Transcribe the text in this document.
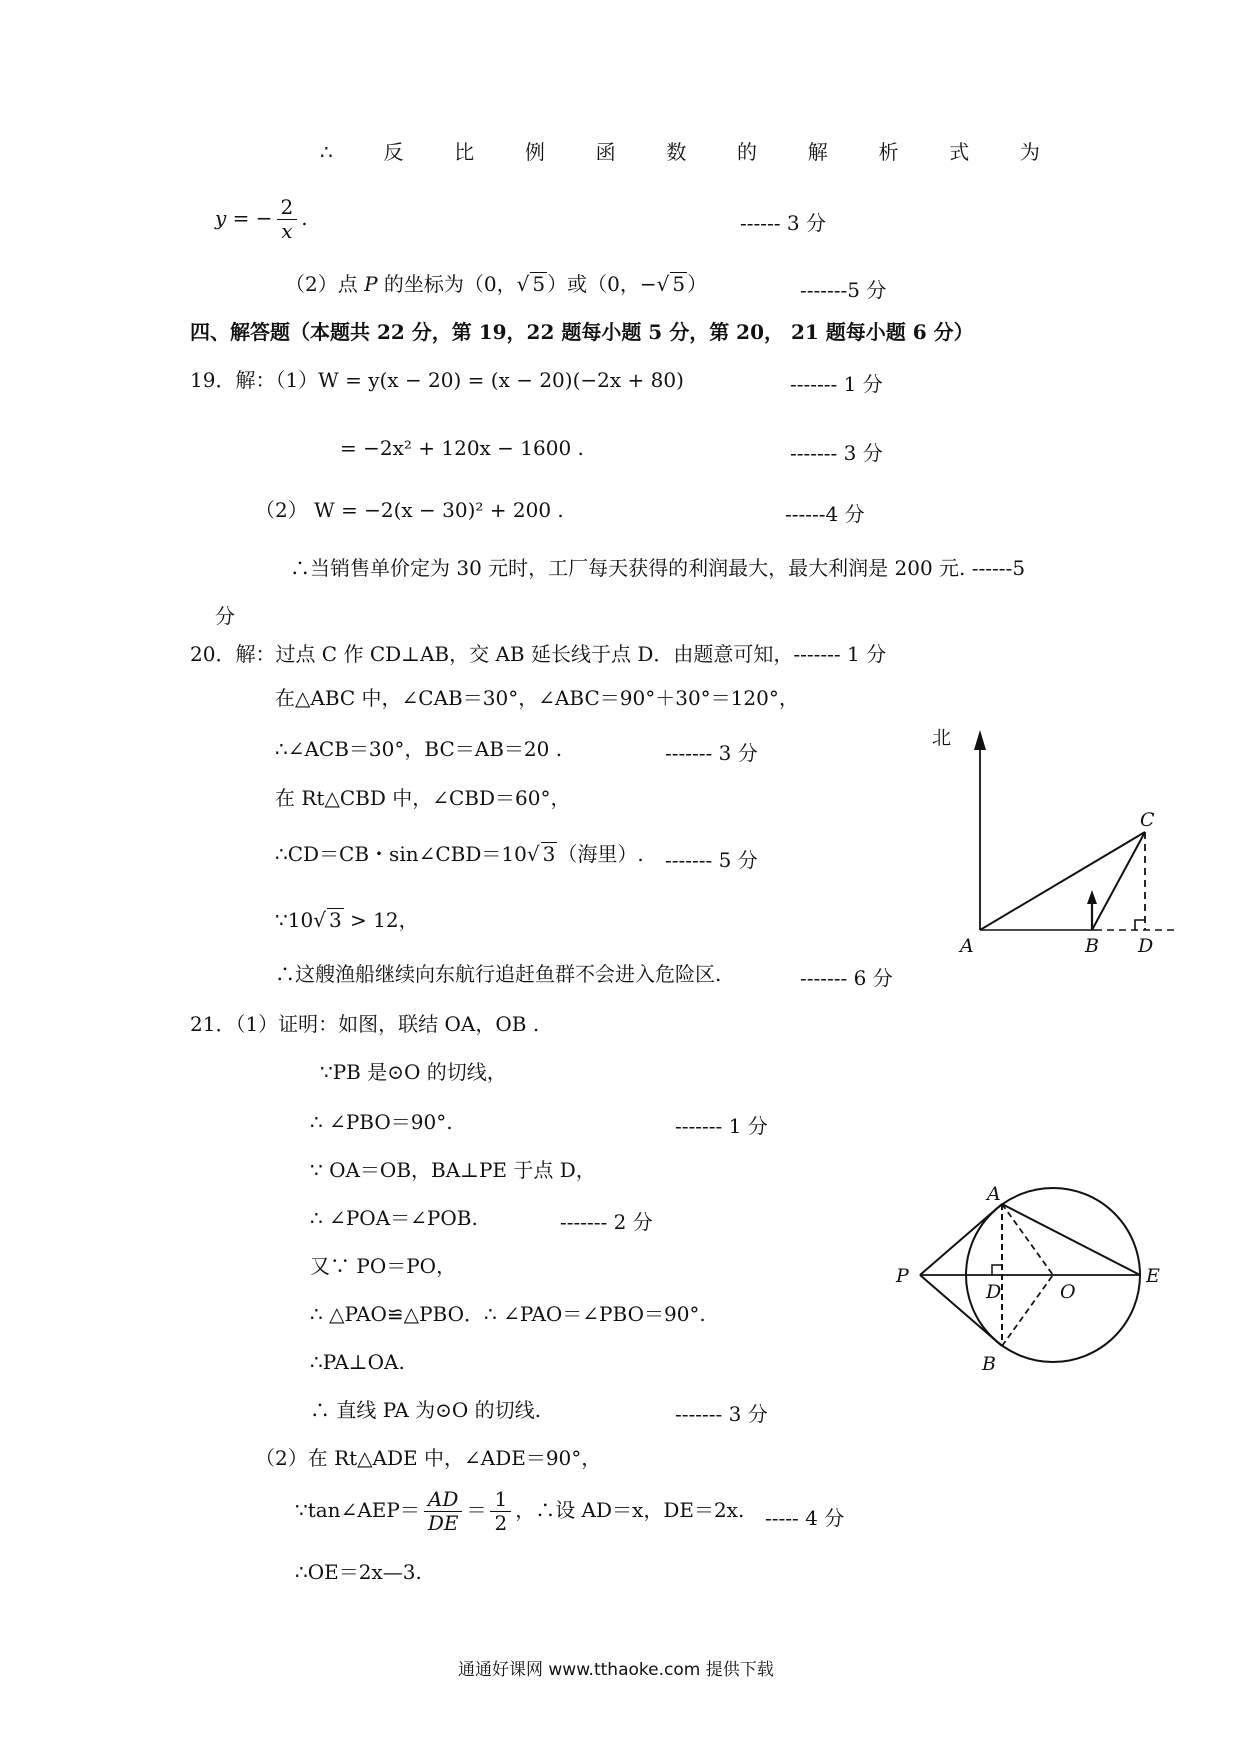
∴	反	比	例	函	数	的	解	析	式	为
y = − $\frac{2}{x}$ .	------ 3 分
（2）点 P 的坐标为（0，√ 5 ）或（0，−√ 5 ）	-------5 分
四、解答题（本题共 22 分，第 19，22 题每小题 5 分，第 20， 21 题每小题 6 分）
19．解：（1）W = y(x − 20) = (x − 20)(−2x + 80)	------- 1 分
= −2x² + 120x − 1600 .	------- 3 分
（2） W = −2(x − 30)² + 200 .	------4 分
∴当销售单价定为 30 元时，工厂每天获得的利润最大，最大利润是 200 元. ------5
分
20．解：过点 C 作 CD⊥AB，交 AB 延长线于点 D．由题意可知，------- 1 分
在△ABC 中，∠CAB＝30°，∠ABC＝90°＋30°＝120°，
∴∠ACB＝30°，BC＝AB＝20 .	------- 3 分
在 Rt△CBD 中，∠CBD＝60°，
∴CD＝CB・sin∠CBD＝10√ 3 （海里）. ------- 5 分
∵10√ 3 > 12，
∴这艘渔船继续向东航行追赶鱼群不会进入危险区.	------- 6 分
北
A	B
C
D
21．（1）证明：如图，联结 OA，OB .
∵PB 是⊙O 的切线，
∴ ∠PBO＝90°.	------- 1 分
∵ OA＝OB，BA⊥PE 于点 D，
∴ ∠POA＝∠POB.	------- 2 分
又∵ PO＝PO，
∴ △PAO≌△PBO．∴ ∠PAO＝∠PBO＝90°.
∴PA⊥OA.
∴ 直线 PA 为⊙O 的切线.	------- 3 分
（2）在 Rt△ADE 中，∠ADE＝90°，
∵tan∠AEP＝ $\frac{AD}{DE} = \frac{1}{2}$ ，∴设 AD＝x，DE＝2x. ----- 4 分
∴OE＝2x—3.
A
B
P
D	O
E
通通好课网 www.tthaoke.com 提供下载
